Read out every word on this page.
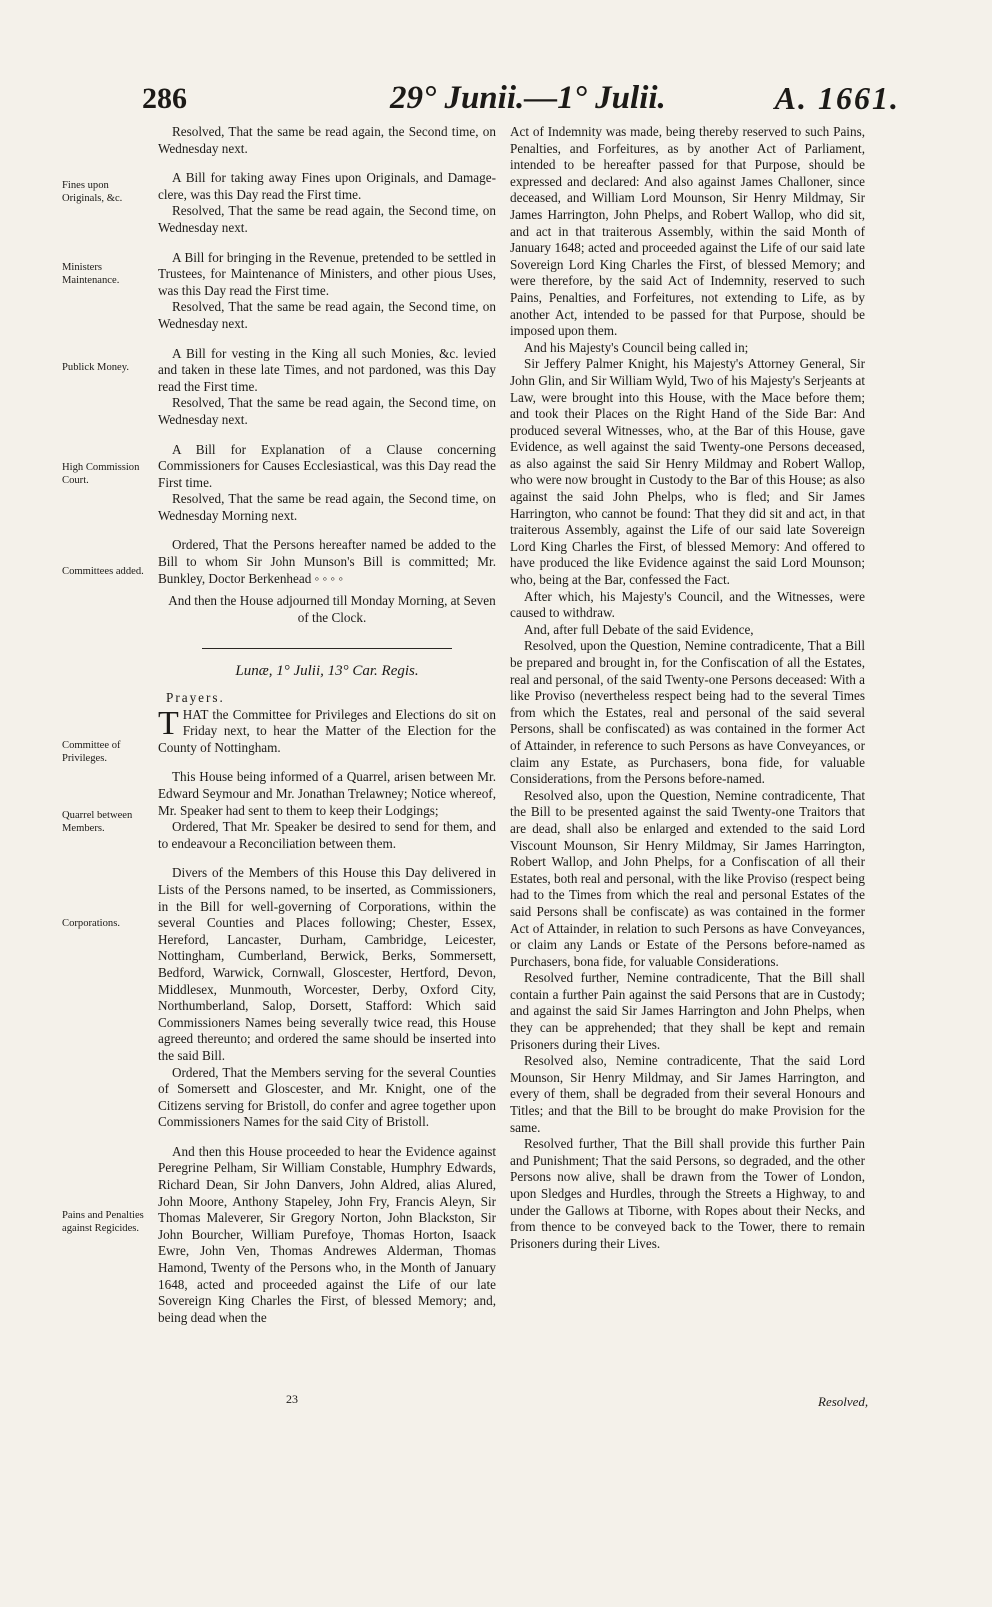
286	29° Junii.—1° Julii.	A. 1661.
Fines upon Originals, &c.
Ministers Maintenance.
Publick Money.
High Commission Court.
Committees added.
Committee of Privileges.
Quarrel between Members.
Corporations.
Pains and Penalties against Regicides.

Resolved, That the same be read again, the Second time, on Wednesday next.

A Bill for taking away Fines upon Originals, and Damage-clere, was this Day read the First time.

Resolved, That the same be read again, the Second time, on Wednesday next.

A Bill for bringing in the Revenue, pretended to be settled in Trustees, for Maintenance of Ministers, and other pious Uses, was this Day read the First time.

Resolved, That the same be read again, the Second time, on Wednesday next.

A Bill for vesting in the King all such Monies, &c. levied and taken in these late Times, and not pardoned, was this Day read the First time.

Resolved, That the same be read again, the Second time, on Wednesday next.

A Bill for Explanation of a Clause concerning Commissioners for Causes Ecclesiastical, was this Day read the First time.

Resolved, That the same be read again, the Second time, on Wednesday Morning next.

Ordered, That the Persons hereafter named be added to the Bill to whom Sir John Munson's Bill is committed; Mr. Bunkley, Doctor Berkenhead ◦ ◦ ◦ ◦

And then the House adjourned till Monday Morning, at Seven of the Clock.

Lunæ, 1° Julii, 13° Car. Regis.

Prayers.

THAT the Committee for Privileges and Elections do sit on Friday next, to hear the Matter of the Election for the County of Nottingham.

This House being informed of a Quarrel, arisen between Mr. Edward Seymour and Mr. Jonathan Trelawney; Notice whereof, Mr. Speaker had sent to them to keep their Lodgings;

Ordered, That Mr. Speaker be desired to send for them, and to endeavour a Reconciliation between them.

Divers of the Members of this House this Day delivered in Lists of the Persons named, to be inserted, as Commissioners, in the Bill for well-governing of Corporations, within the several Counties and Places following; Chester, Essex, Hereford, Lancaster, Durham, Cambridge, Leicester, Nottingham, Cumberland, Berwick, Berks, Sommersett, Bedford, Warwick, Cornwall, Gloscester, Hertford, Devon, Middlesex, Munmouth, Worcester, Derby, Oxford City, Northumberland, Salop, Dorsett, Stafford: Which said Commissioners Names being severally twice read, this House agreed thereunto; and ordered the same should be inserted into the said Bill.

Ordered, That the Members serving for the several Counties of Somersett and Gloscester, and Mr. Knight, one of the Citizens serving for Bristoll, do confer and agree together upon Commissioners Names for the said City of Bristoll.

And then this House proceeded to hear the Evidence against Peregrine Pelham, Sir William Constable, Humphry Edwards, Richard Dean, Sir John Danvers, John Aldred, alias Alured, John Moore, Anthony Stapeley, John Fry, Francis Aleyn, Sir Thomas Maleverer, Sir Gregory Norton, John Blackston, Sir John Bourcher, William Purefoye, Thomas Horton, Isaack Ewre, John Ven, Thomas Andrewes Alderman, Thomas Hamond, Twenty of the Persons who, in the Month of January 1648, acted and proceeded against the Life of our late Sovereign King Charles the First, of blessed Memory; and, being dead when the

Act of Indemnity was made, being thereby reserved to such Pains, Penalties, and Forfeitures, as by another Act of Parliament, intended to be hereafter passed for that Purpose, should be expressed and declared: And also against James Challoner, since deceased, and William Lord Mounson, Sir Henry Mildmay, Sir James Harrington, John Phelps, and Robert Wallop, who did sit, and act in that traiterous Assembly, within the said Month of January 1648; acted and proceeded against the Life of our said late Sovereign Lord King Charles the First, of blessed Memory; and were therefore, by the said Act of Indemnity, reserved to such Pains, Penalties, and Forfeitures, not extending to Life, as by another Act, intended to be passed for that Purpose, should be imposed upon them.

And his Majesty's Council being called in;

Sir Jeffery Palmer Knight, his Majesty's Attorney General, Sir John Glin, and Sir William Wyld, Two of his Majesty's Serjeants at Law, were brought into this House, with the Mace before them; and took their Places on the Right Hand of the Side Bar: And produced several Witnesses, who, at the Bar of this House, gave Evidence, as well against the said Twenty-one Persons deceased, as also against the said Sir Henry Mildmay and Robert Wallop, who were now brought in Custody to the Bar of this House; as also against the said John Phelps, who is fled; and Sir James Harrington, who cannot be found: That they did sit and act, in that traiterous Assembly, against the Life of our said late Sovereign Lord King Charles the First, of blessed Memory: And offered to have produced the like Evidence against the said Lord Mounson; who, being at the Bar, confessed the Fact.

After which, his Majesty's Council, and the Witnesses, were caused to withdraw.

And, after full Debate of the said Evidence,

Resolved, upon the Question, Nemine contradicente, That a Bill be prepared and brought in, for the Confiscation of all the Estates, real and personal, of the said Twenty-one Persons deceased: With a like Proviso (nevertheless respect being had to the several Times from which the Estates, real and personal of the said several Persons, shall be confiscated) as was contained in the former Act of Attainder, in reference to such Persons as have Conveyances, or claim any Estate, as Purchasers, bona fide, for valuable Considerations, from the Persons before-named.

Resolved also, upon the Question, Nemine contradicente, That the Bill to be presented against the said Twenty-one Traitors that are dead, shall also be enlarged and extended to the said Lord Viscount Mounson, Sir Henry Mildmay, Sir James Harrington, Robert Wallop, and John Phelps, for a Confiscation of all their Estates, both real and personal, with the like Proviso (respect being had to the Times from which the real and personal Estates of the said Persons shall be confiscate) as was contained in the former Act of Attainder, in relation to such Persons as have Conveyances, or claim any Lands or Estate of the Persons before-named as Purchasers, bona fide, for valuable Considerations.

Resolved further, Nemine contradicente, That the Bill shall contain a further Pain against the said Persons that are in Custody; and against the said Sir James Harrington and John Phelps, when they can be apprehended; that they shall be kept and remain Prisoners during their Lives.

Resolved also, Nemine contradicente, That the said Lord Mounson, Sir Henry Mildmay, and Sir James Harrington, and every of them, shall be degraded from their several Honours and Titles; and that the Bill to be brought do make Provision for the same.

Resolved further, That the Bill shall provide this further Pain and Punishment; That the said Persons, so degraded, and the other Persons now alive, shall be drawn from the Tower of London, upon Sledges and Hurdles, through the Streets a Highway, to and under the Gallows at Tiborne, with Ropes about their Necks, and from thence to be conveyed back to the Tower, there to remain Prisoners during their Lives.

23	Resolved,
